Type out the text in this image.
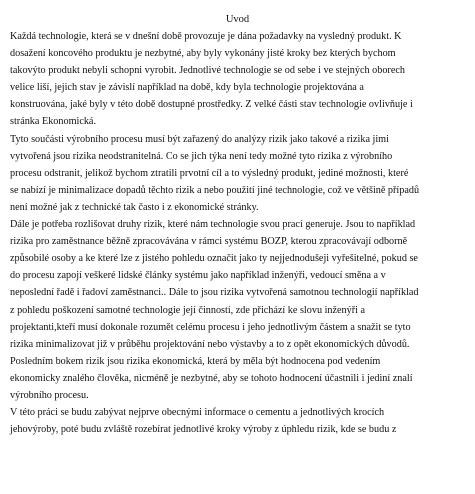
Uvod
Každá technologie, která se v dnešní době provozuje je dána požadavky na vysledný produkt. K
dosažení koncového produktu je nezbytné, aby byly vykonány jisté kroky bez kterých bychom
takovýto produkt nebyli schopni vyrobit. Jednotlivé technologie se od sebe i ve stejných oborech
velice liší, jejich stav je závislí například na době, kdy byla technologie projektována a
konstruována, jaké byly v této době dostupné prostředky. Z velké části stav technologie ovlivňuje i
stránka Ekonomická.
Tyto součásti výrobního procesu musí být zařazený do analýzy rizik jako takové a rizika jimi
vytvořená jsou rizika neodstranitelná. Co se jich týka není tedy možné tyto rizika z výrobního
procesu odstranit, jelikož bychom ztratili prvotní cíl a to výsledný produkt, jediné možnosti, které
se nabízí je minimalizace dopadů těchto rizik a nebo použití jiné technologie, což ve většině případů
není možné jak z technické tak často i z ekonomické stránky.
Dále je potřeba rozlišovat druhy rizik, které nám technologie svou prací generuje. Jsou to například
rizika pro zaměstnance běžně zpracovávána v rámci systému BOZP, kterou zpracovávají odborně
způsobilé osoby a ke které lze z jistého pohledu označit jako ty nejjednodušeji vyřešitelné, pokud se
do procesu zapojí veškeré lidské články systému jako například inženýři, vedoucí směna a v
neposlední řadě i řadoví zaměstnanci.. Dále to jsou rizika vytvořená samotnou technologií například
z pohledu poškození samotné technologie její činností, zde přichází ke slovu inženýři a
projektanti,kteří musí dokonale rozumět celému procesu i jeho jednotlivým částem a snažit se tyto
rizika minimalizovat již v průběhu projektování nebo výstavby a to z opět ekonomických důvodů.
Posledním bokem rizik jsou rizika ekonomická, která by měla být hodnocena pod vedením
ekonomicky znalého člověka, nicméně je nezbytné, aby se tohoto hodnocení účastnili i jediní znalí
výrobního procesu.
V této práci se budu zabývat nejprve obecnými informace o cementu a jednotlivých krocích
jehovýroby, poté budu zvláště rozebírat jednotlivé kroky výroby z úphledu rizik, kde se budu z
